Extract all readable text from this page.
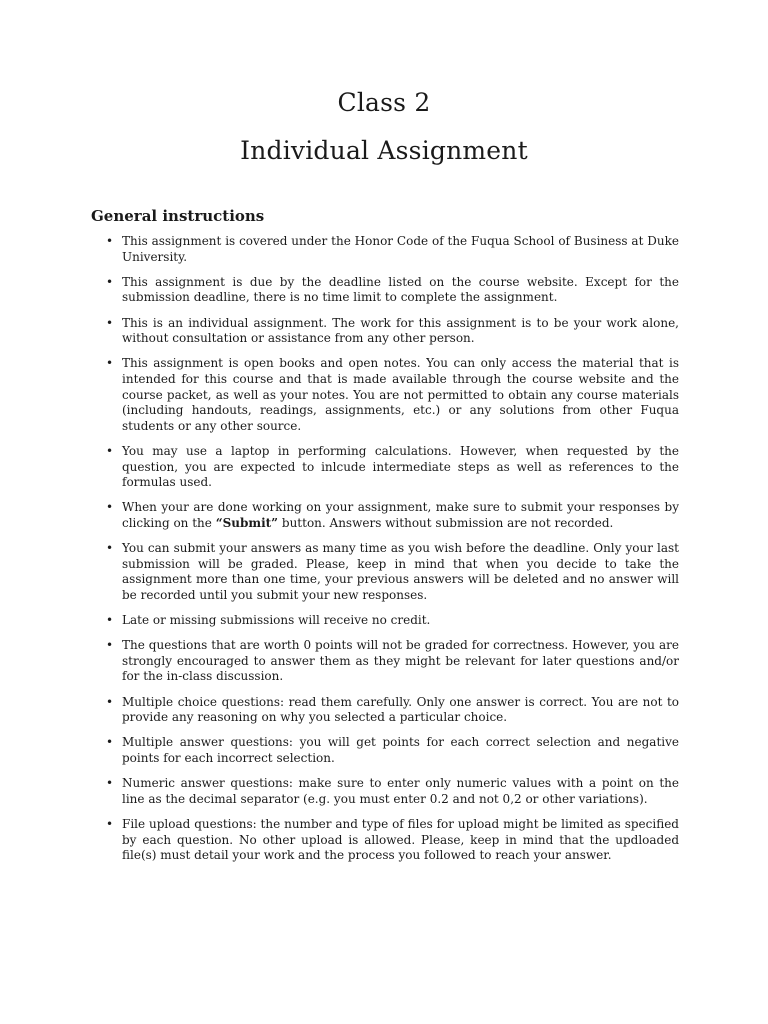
Class 2
Individual Assignment
General instructions
• This assignment is covered under the Honor Code of the Fuqua School of Business at Duke University.
• This assignment is due by the deadline listed on the course website. Except for the submission deadline, there is no time limit to complete the assignment.
• This is an individual assignment. The work for this assignment is to be your work alone, without consultation or assistance from any other person.
• This assignment is open books and open notes. You can only access the material that is intended for this course and that is made available through the course website and the course packet, as well as your notes. You are not permitted to obtain any course materials (including handouts, readings, assignments, etc.) or any solutions from other Fuqua students or any other source.
• You may use a laptop in performing calculations. However, when requested by the question, you are expected to inlcude intermediate steps as well as references to the formulas used.
• When your are done working on your assignment, make sure to submit your responses by clicking on the “Submit” button. Answers without submission are not recorded.
• You can submit your answers as many time as you wish before the deadline. Only your last submission will be graded. Please, keep in mind that when you decide to take the assignment more than one time, your previous answers will be deleted and no answer will be recorded until you submit your new responses.
• Late or missing submissions will receive no credit.
• The questions that are worth 0 points will not be graded for correctness. However, you are strongly encouraged to answer them as they might be relevant for later questions and/or for the in-class discussion.
• Multiple choice questions: read them carefully. Only one answer is correct. You are not to provide any reasoning on why you selected a particular choice.
• Multiple answer questions: you will get points for each correct selection and negative points for each incorrect selection.
• Numeric answer questions: make sure to enter only numeric values with a point on the line as the decimal separator (e.g. you must enter 0.2 and not 0,2 or other variations).
• File upload questions: the number and type of files for upload might be limited as specified by each question. No other upload is allowed. Please, keep in mind that the updloaded file(s) must detail your work and the process you followed to reach your answer.
